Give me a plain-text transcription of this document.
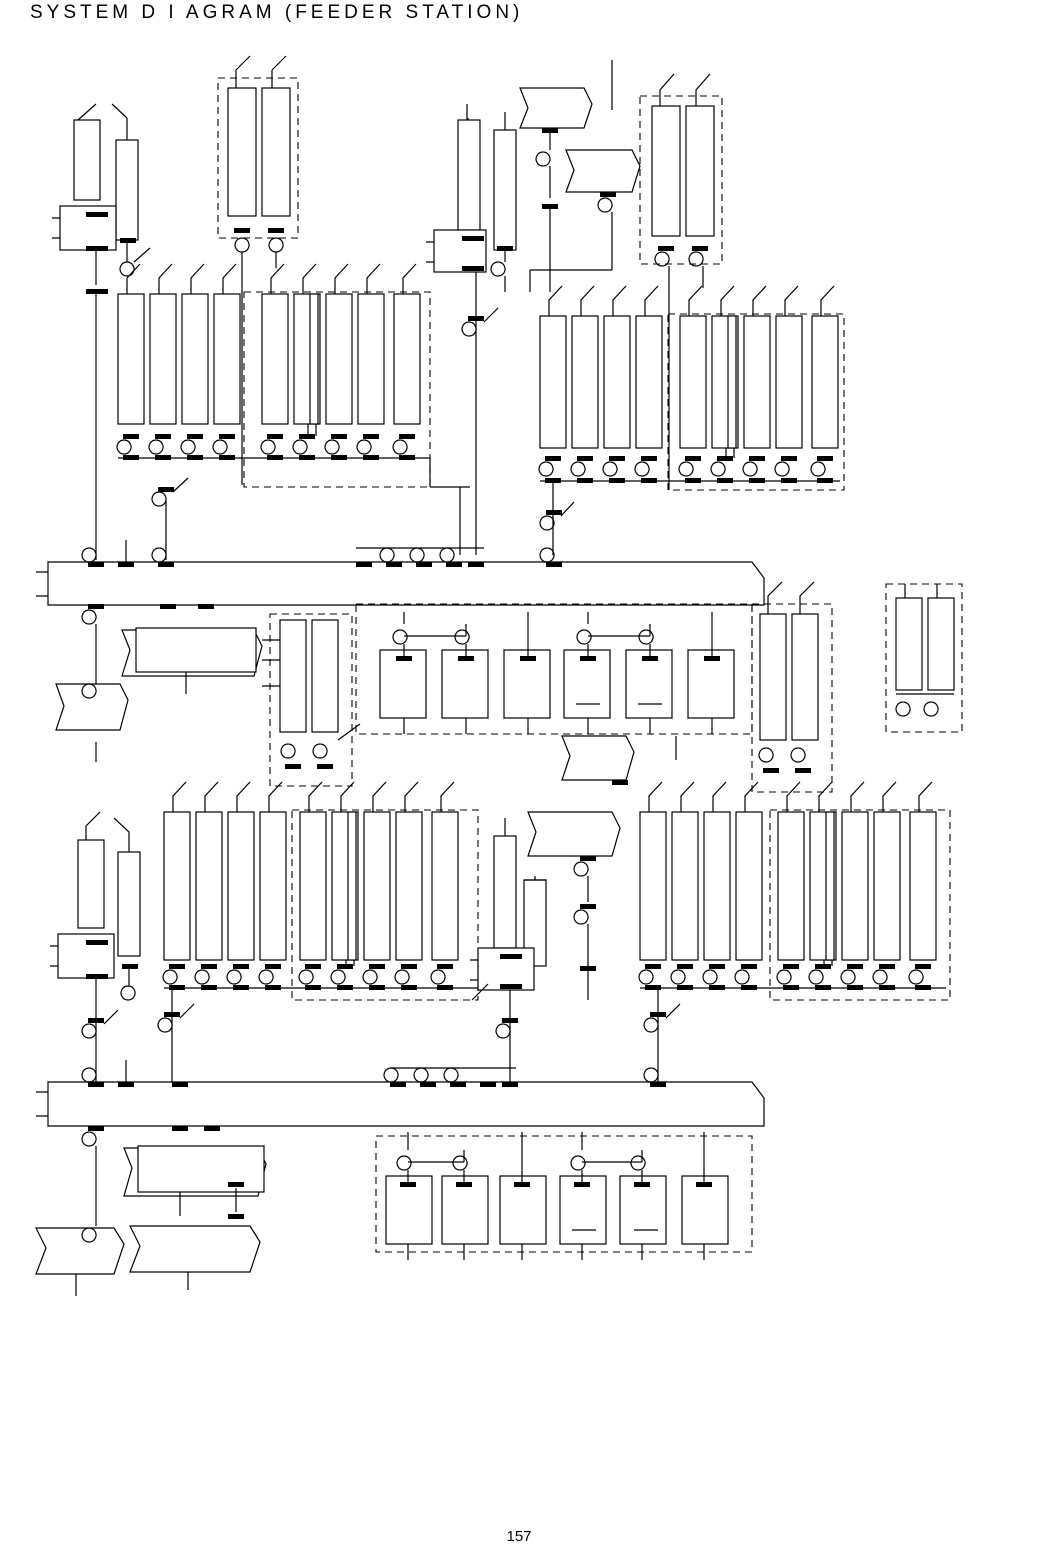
SYSTEM D I AGRAM (FEEDER STATION)
157
